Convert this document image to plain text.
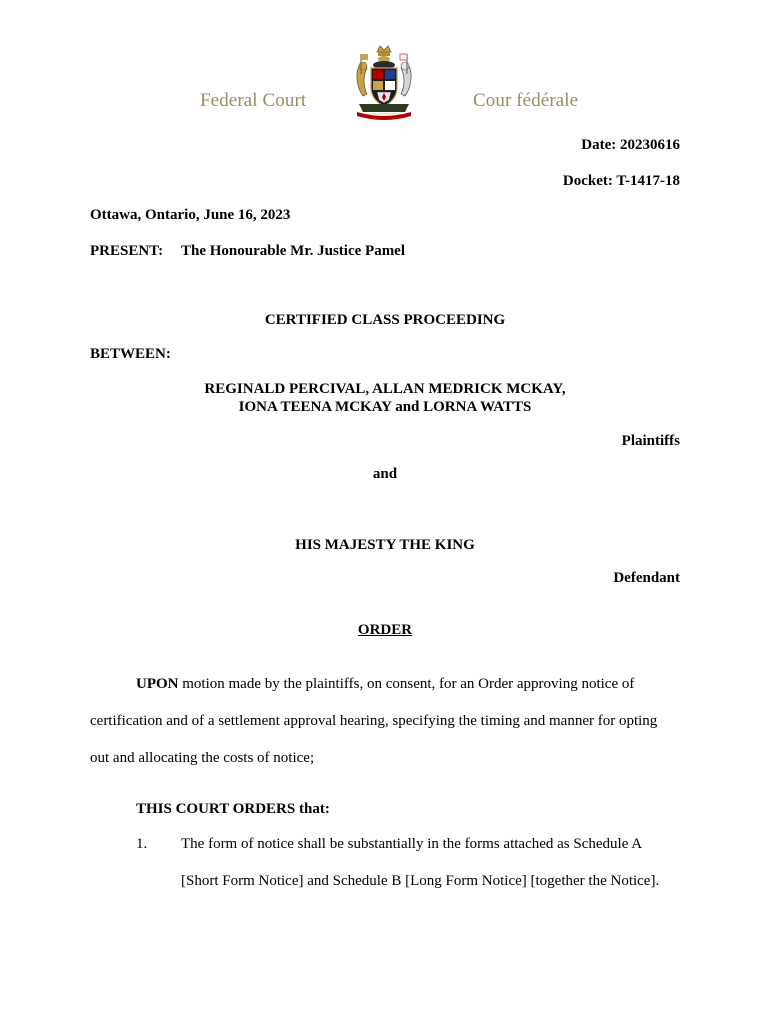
Federal Court	Cour fédérale
Date: 20230616
Docket: T-1417-18
Ottawa, Ontario, June 16, 2023
PRESENT: The Honourable Mr. Justice Pamel
CERTIFIED CLASS PROCEEDING
BETWEEN:
REGINALD PERCIVAL, ALLAN MEDRICK MCKAY,
IONA TEENA MCKAY and LORNA WATTS
Plaintiffs
and
HIS MAJESTY THE KING
Defendant
ORDER
UPON motion made by the plaintiffs, on consent, for an Order approving notice of
certification and of a settlement approval hearing, specifying the timing and manner for opting
out and allocating the costs of notice;
THIS COURT ORDERS that:
1. The form of notice shall be substantially in the forms attached as Schedule A
[Short Form Notice] and Schedule B [Long Form Notice] [together the Notice].
